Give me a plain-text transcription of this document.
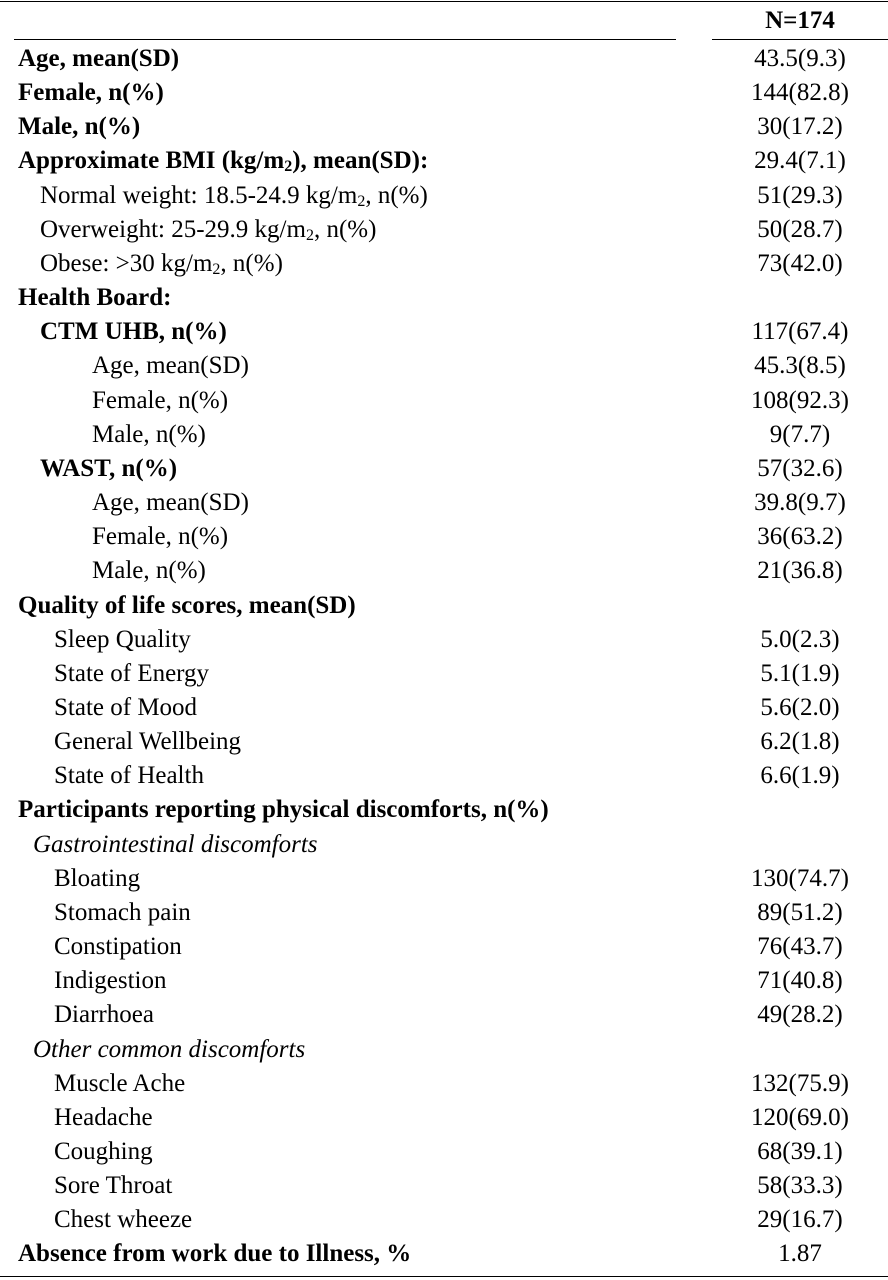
N=174
Age, mean(SD)	43.5(9.3)
Female, n(%)	144(82.8)
Male, n(%)	30(17.2)
Approximate BMI $(kg/m_2)$, mean(SD):	29.4(7.1)
Normal weight: 18.5-24.9 $kg/m_2$, n(%)	51(29.3)
Overweight: 25-29.9 $kg/m_2$, n(%)	50(28.7)
Obese: >30 $kg/m_2$, n(%)	73(42.0)
Health Board:
CTM UHB, n(%)	117(67.4)
Age, mean(SD)	45.3(8.5)
Female, n(%)	108(92.3)
Male, n(%)	9(7.7)
WAST, n(%)	57(32.6)
Age, mean(SD)	39.8(9.7)
Female, n(%)	36(63.2)
Male, n(%)	21(36.8)
Quality of life scores, mean(SD)
Sleep Quality	5.0(2.3)
State of Energy	5.1(1.9)
State of Mood	5.6(2.0)
General Wellbeing	6.2(1.8)
State of Health	6.6(1.9)
Participants reporting physical discomforts, n(%)
Gastrointestinal discomforts
Bloating	130(74.7)
Stomach pain	89(51.2)
Constipation	76(43.7)
Indigestion	71(40.8)
Diarrhoea	49(28.2)
Other common discomforts
Muscle Ache	132(75.9)
Headache	120(69.0)
Coughing	68(39.1)
Sore Throat	58(33.3)
Chest wheeze	29(16.7)
Absence from work due to Illness, %	1.87
